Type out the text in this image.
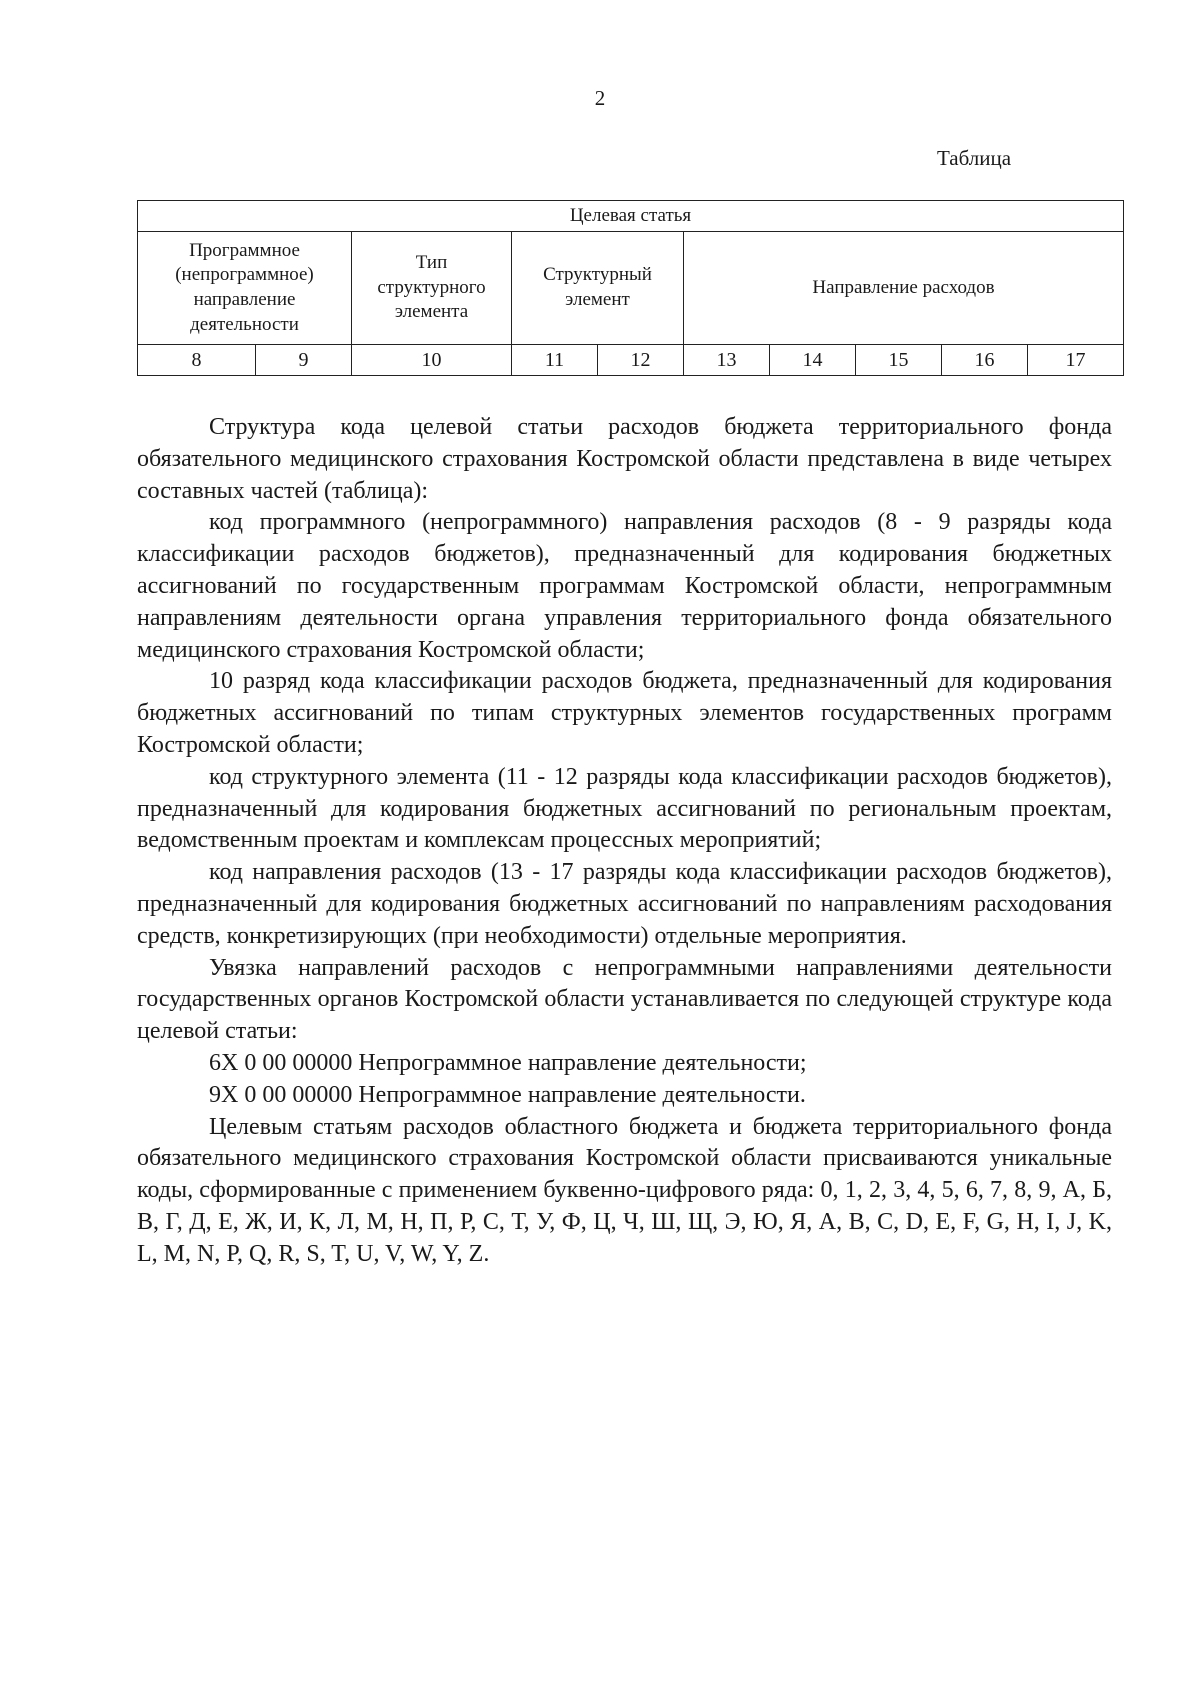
2
Таблица
Целевая статья									
Программное (непрограммное) направление деятельности		Тип структурного элемента	Структурный элемент		Направление расходов				
8	9	10	11	12	13	14	15	16	17

Структура кода целевой статьи расходов бюджета территориального фонда обязательного медицинского страхования Костромской области представлена в виде четырех составных частей (таблица):

код программного (непрограммного) направления расходов (8 - 9 разряды кода классификации расходов бюджетов), предназначенный для кодирования бюджетных ассигнований по государственным программам Костромской области, непрограммным направлениям деятельности органа управления территориального фонда обязательного медицинского страхования Костромской области;

10 разряд кода классификации расходов бюджета, предназначенный для кодирования бюджетных ассигнований по типам структурных элементов государственных программ Костромской области;

код структурного элемента (11 - 12 разряды кода классификации расходов бюджетов), предназначенный для кодирования бюджетных ассигнований по региональным проектам, ведомственным проектам и комплексам процессных мероприятий;

код направления расходов (13 - 17 разряды кода классификации расходов бюджетов), предназначенный для кодирования бюджетных ассигнований по направлениям расходования средств, конкретизирующих (при необходимости) отдельные мероприятия.

Увязка направлений расходов с непрограммными направлениями деятельности государственных органов Костромской области устанавливается по следующей структуре кода целевой статьи:

6Х 0 00 00000 Непрограммное направление деятельности;

9Х 0 00 00000 Непрограммное направление деятельности.

Целевым статьям расходов областного бюджета и бюджета территориального фонда обязательного медицинского страхования Костромской области присваиваются уникальные коды, сформированные с применением буквенно-цифрового ряда: 0, 1, 2, 3, 4, 5, 6, 7, 8, 9, А, Б, В, Г, Д, Е, Ж, И, К, Л, М, Н, П, Р, С, Т, У, Ф, Ц, Ч, Ш, Щ, Э, Ю, Я, A, B, C, D, E, F, G, H, I, J, K, L, M, N, P, Q, R, S, T, U, V, W, Y, Z.
